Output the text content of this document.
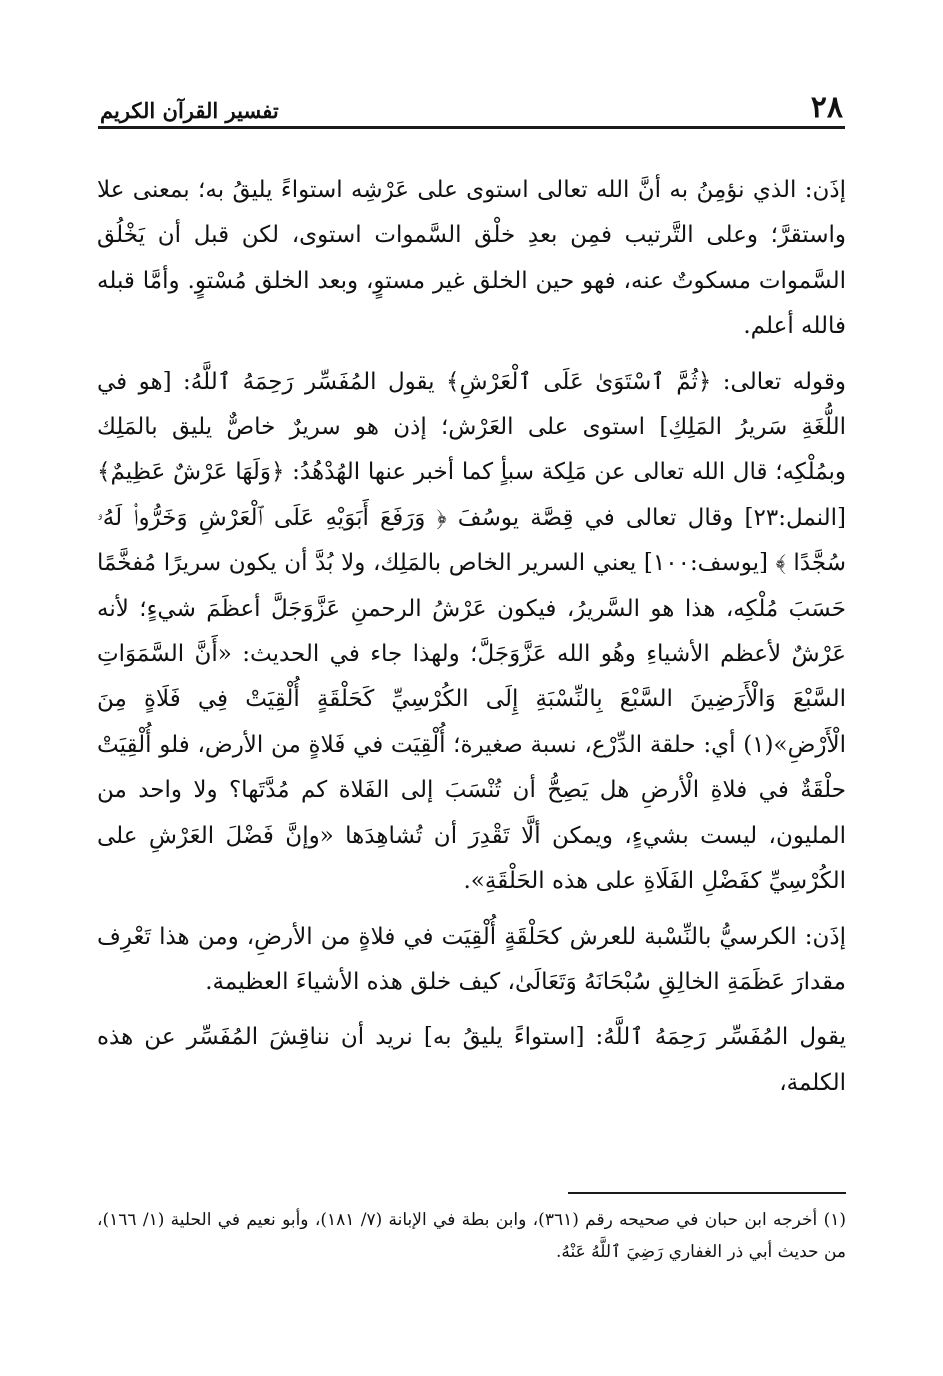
٢٨
تفسير القرآن الكريم

إذَن: الذي نؤمِنُ به أنَّ الله تعالى استوى على عَرْشِه استواءً يليقُ به؛ بمعنى علا واستقرَّ؛ وعلى التَّرتيب فمِن بعدِ خلْق السَّموات استوى، لكن قبل أن يَخْلُق السَّموات مسكوتٌ عنه، فهو حين الخلق غير مستوٍ، وبعد الخلق مُسْتوٍ. وأمَّا قبله فالله أعلم.

وقوله تعالى: ﴿ثُمَّ ٱسْتَوَىٰ عَلَى ٱلْعَرْشِ﴾ يقول المُفَسِّر رَحِمَهُ ٱللَّهُ: [هو في اللُّغَةِ سَريرُ المَلِكِ] استوى على العَرْش؛ إذن هو سريرٌ خاصٌّ يليق بالمَلِك وبمُلْكِه؛ قال الله تعالى عن مَلِكة سبأٍ كما أخبر عنها الهُدْهُدُ: ﴿وَلَهَا عَرْشٌ عَظِيمٌ﴾ [النمل:٢٣] وقال تعالى في قِصَّة يوسُفَ ﴿ وَرَفَعَ أَبَوَيْهِ عَلَى ٱلْعَرْشِ وَخَرُّوا۟ لَهُۥ سُجَّدًا ﴾ [يوسف:١٠٠] يعني السرير الخاص بالمَلِك، ولا بُدَّ أن يكون سريرًا مُفخَّمًا حَسَبَ مُلْكِه، هذا هو السَّريرُ، فيكون عَرْشُ الرحمنِ عَزَّوَجَلَّ أعظَمَ شيءٍ؛ لأنه عَرْشٌ لأعظم الأشياءِ وهُو الله عَزَّوَجَلَّ؛ ولهذا جاء في الحديث: «أَنَّ السَّمَوَاتِ السَّبْعَ وَالْأَرَضِينَ السَّبْعَ بِالنِّسْبَةِ إِلَى الكُرْسِيِّ كَحَلْقَةٍ أُلْقِيَتْ فِي فَلَاةٍ مِنَ الْأَرْضِ»(١) أي: حلقة الدِّرْع، نسبة صغيرة؛ أُلْقِيَت في فَلاةٍ من الأرض، فلو أُلْقِيَتْ حلْقَةٌ في فلاةِ الْأرضِ هل يَصِحُّ أن تُنْسَبَ إلى الفَلاة كم مُدَّتَها؟ ولا واحد من المليون، ليست بشيءٍ، ويمكن ألَّا تَقْدِرَ أن تُشاهِدَها «وإنَّ فَضْلَ العَرْشِ على الكُرْسِيِّ كفَضْلِ الفَلَاةِ على هذه الحَلْقَةِ».

إذَن: الكرسيُّ بالنِّسْبة للعرش كحَلْقَةٍ أُلْقِيَت في فلاةٍ من الأرضِ، ومن هذا تَعْرِف مقدارَ عَظَمَةِ الخالِقِ سُبْحَانَهُ وَتَعَالَىٰ، كيف خلق هذه الأشياءَ العظيمة.

يقول المُفَسِّر رَحِمَهُ ٱللَّهُ: [استواءً يليقُ به] نريد أن نناقِشَ المُفَسِّر عن هذه الكلمة،

(١) أخرجه ابن حبان في صحيحه رقم (٣٦١)، وابن بطة في الإبانة (٧/ ١٨١)، وأبو نعيم في الحلية (١/ ١٦٦)، من حديث أبي ذر الغفاري رَضِيَ ٱللَّهُ عَنْهُ.
